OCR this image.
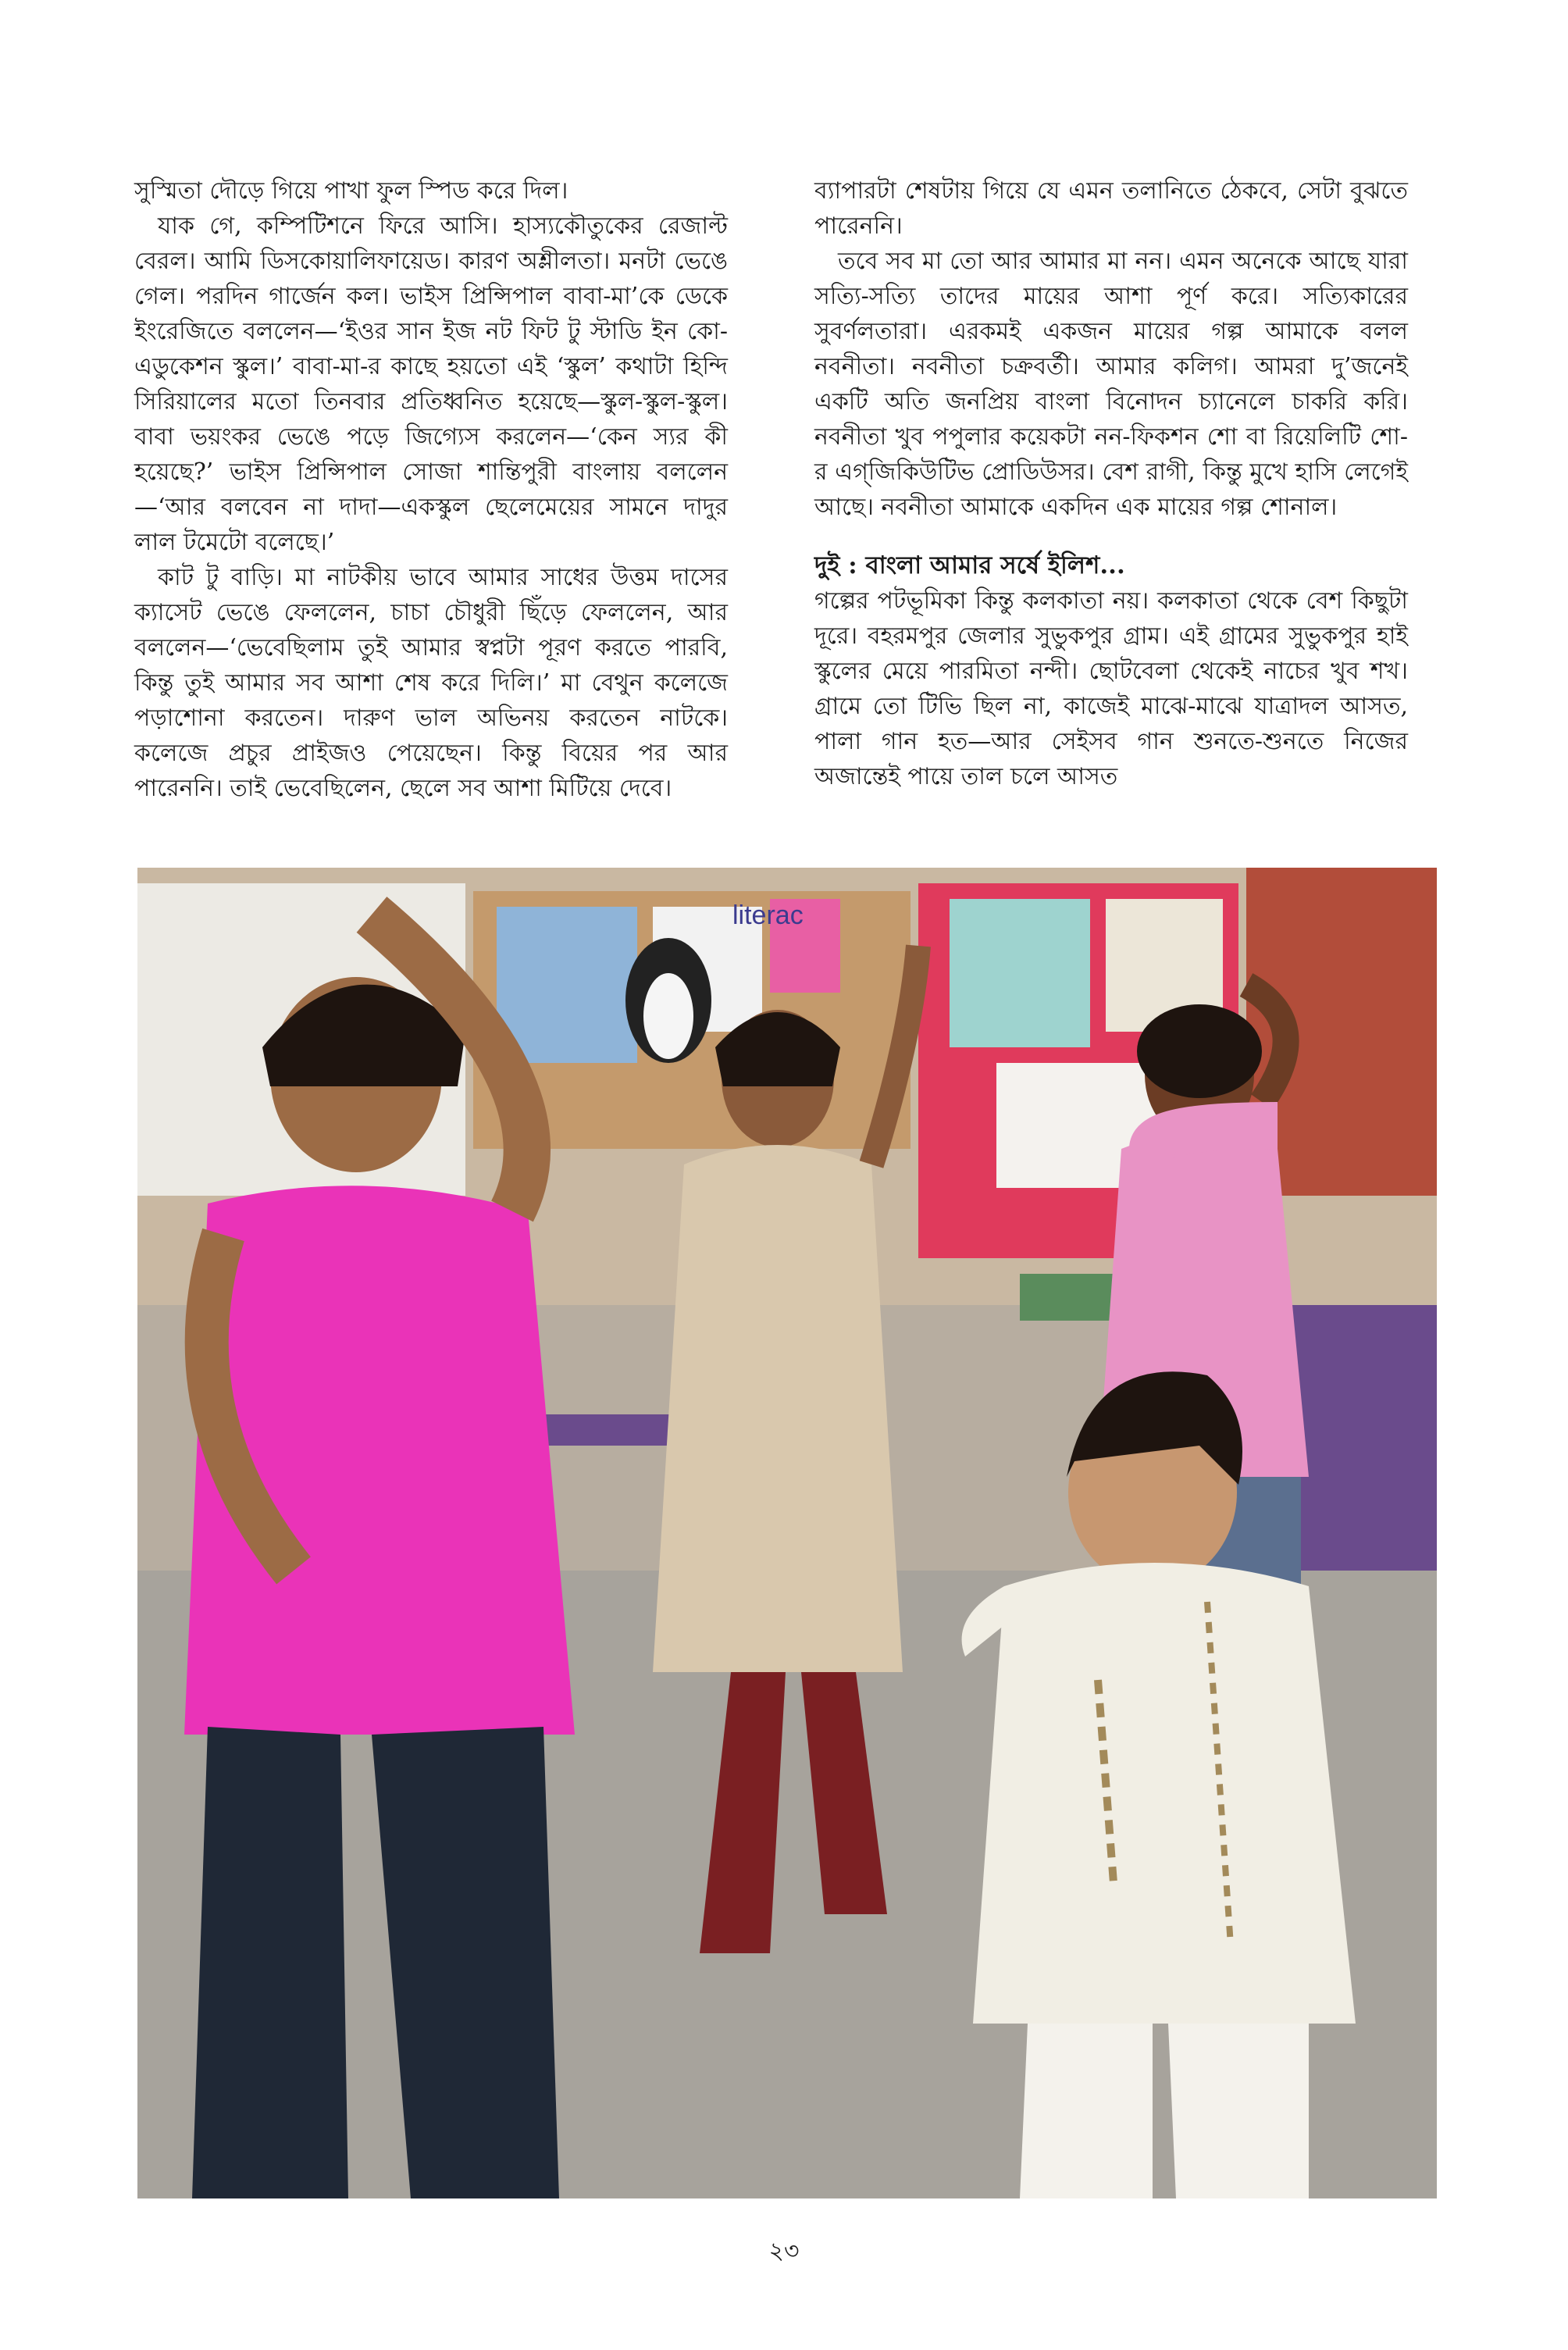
সুস্মিতা দৌড়ে গিয়ে পাখা ফুল স্পিড করে দিল।

যাক গে, কম্পিটিশনে ফিরে আসি। হাস্যকৌতুকের রেজাল্ট বেরল। আমি ডিসকোয়ালিফায়েড। কারণ অশ্লীলতা। মনটা ভেঙে গেল। পরদিন গার্জেন কল। ভাইস প্রিন্সিপাল বাবা-মা’কে ডেকে ইংরেজিতে বললেন—‘ইওর সান ইজ নট ফিট টু স্টাডি ইন কো-এডুকেশন স্কুল।’ বাবা-মা-র কাছে হয়তো এই ‘স্কুল’ কথাটা হিন্দি সিরিয়ালের মতো তিনবার প্রতিধ্বনিত হয়েছে—স্কুল-স্কুল-স্কুল। বাবা ভয়ংকর ভেঙে পড়ে জিগ্যেস করলেন—‘কেন স্যর কী হয়েছে?’ ভাইস প্রিন্সিপাল সোজা শান্তিপুরী বাংলায় বললেন—‘আর বলবেন না দাদা—একস্কুল ছেলেমেয়ের সামনে দাদুর লাল টমেটো বলেছে।’

কাট টু বাড়ি। মা নাটকীয় ভাবে আমার সাধের উত্তম দাসের ক্যাসেট ভেঙে ফেললেন, চাচা চৌধুরী ছিঁড়ে ফেললেন, আর বললেন—‘ভেবেছিলাম তুই আমার স্বপ্নটা পূরণ করতে পারবি, কিন্তু তুই আমার সব আশা শেষ করে দিলি।’ মা বেথুন কলেজে পড়াশোনা করতেন। দারুণ ভাল অভিনয় করতেন নাটকে। কলেজে প্রচুর প্রাইজও পেয়েছেন। কিন্তু বিয়ের পর আর পারেননি। তাই ভেবেছিলেন, ছেলে সব আশা মিটিয়ে দেবে।

ব্যাপারটা শেষটায় গিয়ে যে এমন তলানিতে ঠেকবে, সেটা বুঝতে পারেননি।

তবে সব মা তো আর আমার মা নন। এমন অনেকে আছে যারা সত্যি-সত্যি তাদের মায়ের আশা পূর্ণ করে। সত্যিকারের সুবর্ণলতারা। এরকমই একজন মায়ের গল্প আমাকে বলল নবনীতা। নবনীতা চক্রবর্তী। আমার কলিগ। আমরা দু’জনেই একটি অতি জনপ্রিয় বাংলা বিনোদন চ্যানেলে চাকরি করি। নবনীতা খুব পপুলার কয়েকটা নন-ফিকশন শো বা রিয়েলিটি শো-র এগ্‌জিকিউটিভ প্রোডিউসর। বেশ রাগী, কিন্তু মুখে হাসি লেগেই আছে। নবনীতা আমাকে একদিন এক মায়ের গল্প শোনাল।

দুই : বাংলা আমার সর্ষে ইলিশ...

গল্পের পটভূমিকা কিন্তু কলকাতা নয়। কলকাতা থেকে বেশ কিছুটা দূরে। বহরমপুর জেলার সুভুকপুর গ্রাম। এই গ্রামের সুভুকপুর হাই স্কুলের মেয়ে পারমিতা নন্দী। ছোটবেলা থেকেই নাচের খুব শখ। গ্রামে তো টিভি ছিল না, কাজেই মাঝে-মাঝে যাত্রাদল আসত, পালা গান হত—আর সেইসব গান শুনতে-শুনতে নিজের অজান্তেই পায়ে তাল চলে আসত

literac
২৩
